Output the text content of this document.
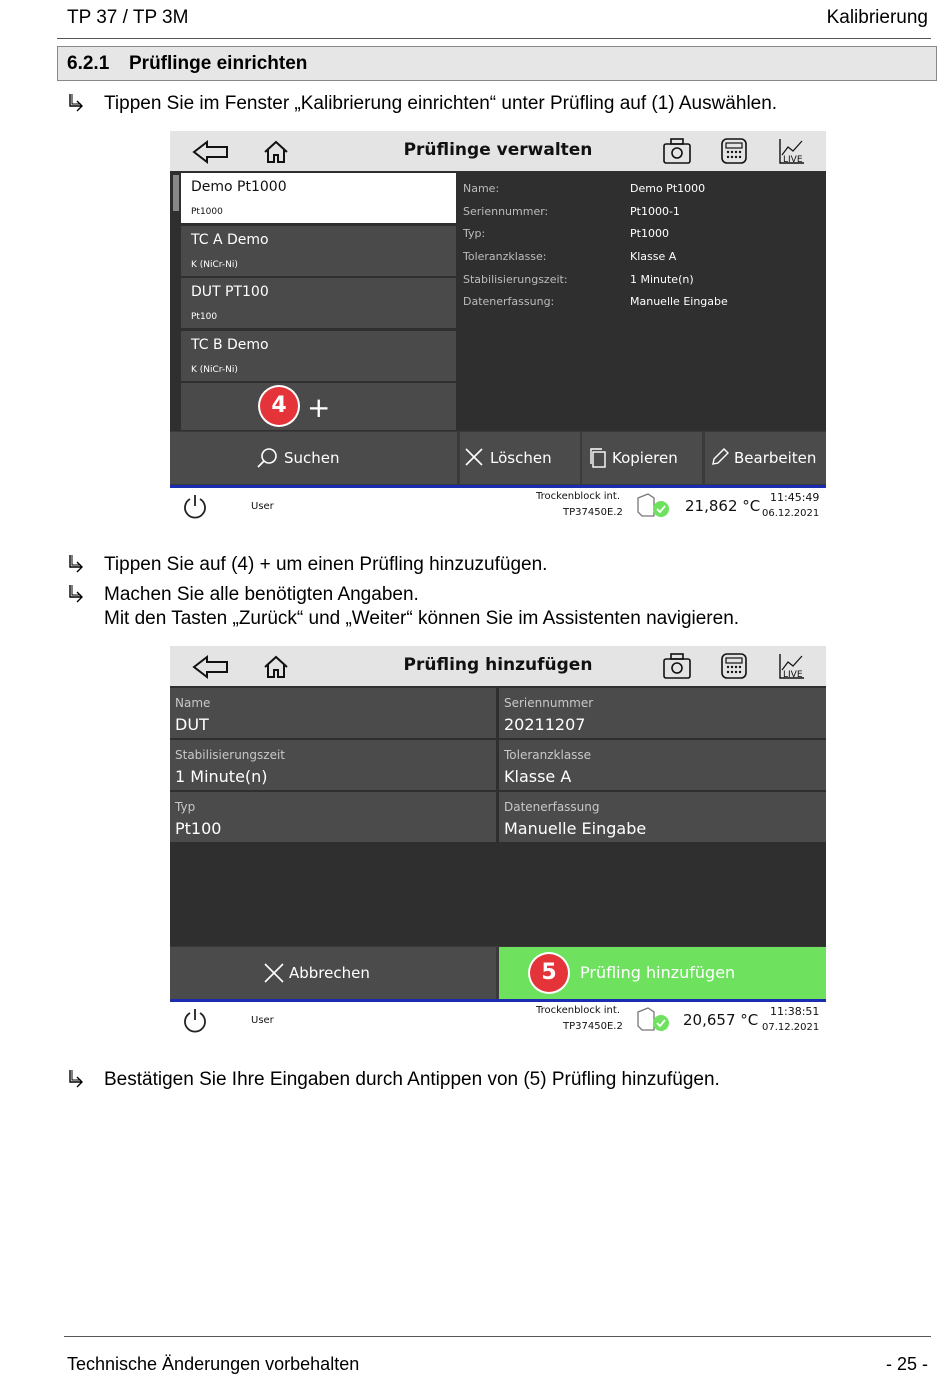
TP 37 / TP 3M	Kalibrierung
6.2.1 Prüflinge einrichten
Tippen Sie im Fenster „Kalibrierung einrichten“ unter Prüfling auf (1) Auswählen.
Prüflinge verwalten	LIVE
Demo Pt1000
Pt1000
TC A Demo
K (NiCr-Ni)
DUT PT100
Pt100
TC B Demo
K (NiCr-Ni)
4 +
Name:	Demo Pt1000
Seriennummer:	Pt1000-1
Typ:	Pt1000
Toleranzklasse:	Klasse A
Stabilisierungszeit:	1 Minute(n)
Datenerfassung:	Manuelle Eingabe
Suchen	Löschen	Kopieren	Bearbeiten
User
Trockenblock int.
TP37450E.2	21,862 °C 11:45:49
06.12.2021
Tippen Sie auf (4) + um einen Prüfling hinzuzufügen.
Machen Sie alle benötigten Angaben.
Mit den Tasten „Zurück“ und „Weiter“ können Sie im Assistenten navigieren.
Prüfling hinzufügen	LIVE
Name
DUT
Seriennummer
20211207
Stabilisierungszeit
1 Minute(n)
Toleranzklasse
Klasse A
Typ
Pt100
Datenerfassung
Manuelle Eingabe
Abbrechen	5	Prüfling hinzufügen
User
Trockenblock int.
TP37450E.2	20,657 °C 11:38:51
07.12.2021
Bestätigen Sie Ihre Eingaben durch Antippen von (5) Prüfling hinzufügen.
Technische Änderungen vorbehalten	- 25 -
